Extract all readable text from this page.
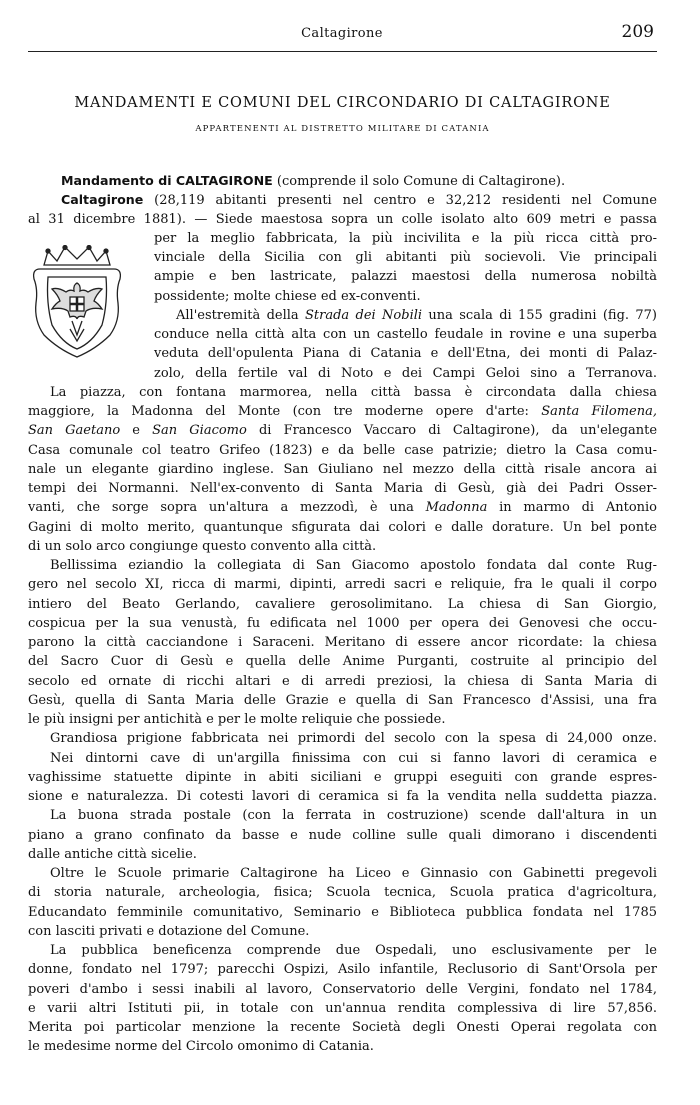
Caltagirone	209
MANDAMENTI E COMUNI DEL CIRCONDARIO DI CALTAGIRONE
APPARTENENTI AL DISTRETTO MILITARE DI CATANIA
Mandamento di CALTAGIRONE (comprende il solo Comune di Caltagirone).
Caltagirone (28,119 abitanti presenti nel centro e 32,212 residenti nel Comune
al 31 dicembre 1881). — Siede maestosa sopra un colle isolato alto 609 metri e passa
per la meglio fabbricata, la più incivilita e la più ricca città pro-
vinciale della Sicilia con gli abitanti più socievoli. Vie principali
ampie e ben lastricate, palazzi maestosi della numerosa nobiltà
possidente; molte chiese ed ex-conventi.
All'estremità della Strada dei Nobili una scala di 155 gradini (fig. 77)
conduce nella città alta con un castello feudale in rovine e una superba
veduta dell'opulenta Piana di Catania e dell'Etna, dei monti di Palaz-
zolo, della fertile val di Noto e dei Campi Geloi sino a Terranova.
La piazza, con fontana marmorea, nella città bassa è circondata dalla chiesa
maggiore, la Madonna del Monte (con tre moderne opere d'arte: Santa Filomena,
San Gaetano e San Giacomo di Francesco Vaccaro di Caltagirone), da un'elegante
Casa comunale col teatro Grifeo (1823) e da belle case patrizie; dietro la Casa comu-
nale un elegante giardino inglese. San Giuliano nel mezzo della città risale ancora ai
tempi dei Normanni. Nell'ex-convento di Santa Maria di Gesù, già dei Padri Osser-
vanti, che sorge sopra un'altura a mezzodì, è una Madonna in marmo di Antonio
Gagini di molto merito, quantunque sfigurata dai colori e dalle dorature. Un bel ponte
di un solo arco congiunge questo convento alla città.
Bellissima eziandio la collegiata di San Giacomo apostolo fondata dal conte Rug-
gero nel secolo XI, ricca di marmi, dipinti, arredi sacri e reliquie, fra le quali il corpo
intiero del Beato Gerlando, cavaliere gerosolimitano. La chiesa di San Giorgio,
cospicua per la sua venustà, fu edificata nel 1000 per opera dei Genovesi che occu-
parono la città cacciandone i Saraceni. Meritano di essere ancor ricordate: la chiesa
del Sacro Cuor di Gesù e quella delle Anime Purganti, costruite al principio del
secolo ed ornate di ricchi altari e di arredi preziosi, la chiesa di Santa Maria di
Gesù, quella di Santa Maria delle Grazie e quella di San Francesco d'Assisi, una fra
le più insigni per antichità e per le molte reliquie che possiede.
Grandiosa prigione fabbricata nei primordi del secolo con la spesa di 24,000 onze.
Nei dintorni cave di un'argilla finissima con cui si fanno lavori di ceramica e
vaghissime statuette dipinte in abiti siciliani e gruppi eseguiti con grande espres-
sione e naturalezza. Di cotesti lavori di ceramica si fa la vendita nella suddetta piazza.
La buona strada postale (con la ferrata in costruzione) scende dall'altura in un
piano a grano confinato da basse e nude colline sulle quali dimorano i discendenti
dalle antiche città sicelie.
Oltre le Scuole primarie Caltagirone ha Liceo e Ginnasio con Gabinetti pregevoli
di storia naturale, archeologia, fisica; Scuola tecnica, Scuola pratica d'agricoltura,
Educandato femminile comunitativo, Seminario e Biblioteca pubblica fondata nel 1785
con lasciti privati e dotazione del Comune.
La pubblica beneficenza comprende due Ospedali, uno esclusivamente per le
donne, fondato nel 1797; parecchi Ospizi, Asilo infantile, Reclusorio di Sant'Orsola per
poveri d'ambo i sessi inabili al lavoro, Conservatorio delle Vergini, fondato nel 1784,
e varii altri Istituti pii, in totale con un'annua rendita complessiva di lire 57,856.
Merita poi particolar menzione la recente Società degli Onesti Operai regolata con
le medesime norme del Circolo omonimo di Catania.
